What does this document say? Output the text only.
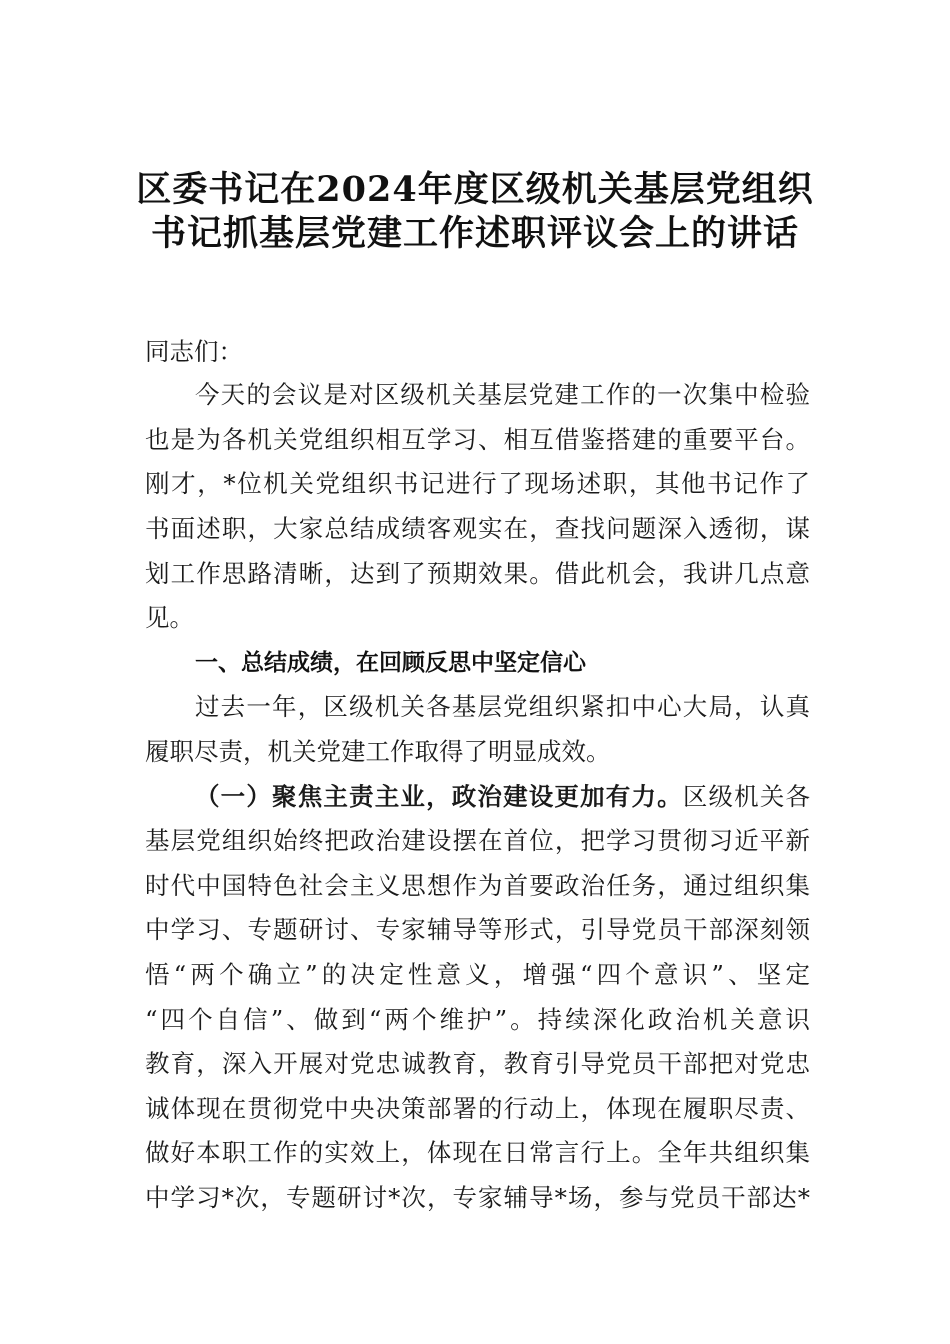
区委书记在2024年度区级机关基层党组织
书记抓基层党建工作述职评议会上的讲话
同志们：
今天的会议是对区级机关基层党建工作的一次集中检验
也是为各机关党组织相互学习、相互借鉴搭建的重要平台。
刚才，*位机关党组织书记进行了现场述职，其他书记作了
书面述职，大家总结成绩客观实在，查找问题深入透彻，谋
划工作思路清晰，达到了预期效果。借此机会，我讲几点意
见。
一、总结成绩，在回顾反思中坚定信心
过去一年，区级机关各基层党组织紧扣中心大局，认真
履职尽责，机关党建工作取得了明显成效。
（一）聚焦主责主业，政治建设更加有力。区级机关各
基层党组织始终把政治建设摆在首位，把学习贯彻习近平新
时代中国特色社会主义思想作为首要政治任务，通过组织集
中学习、专题研讨、专家辅导等形式，引导党员干部深刻领
悟“两个确立”的决定性意义，增强“四个意识”、坚定
“四个自信”、做到“两个维护”。持续深化政治机关意识
教育，深入开展对党忠诚教育，教育引导党员干部把对党忠
诚体现在贯彻党中央决策部署的行动上，体现在履职尽责、
做好本职工作的实效上，体现在日常言行上。全年共组织集
中学习*次，专题研讨*次，专家辅导*场，参与党员干部达*
